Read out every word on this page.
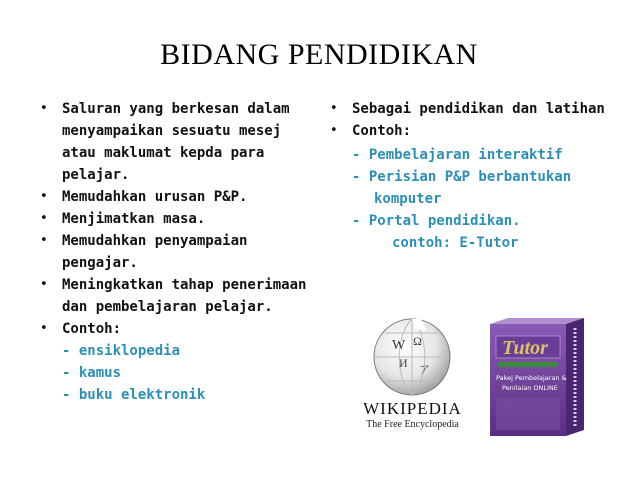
BIDANG PENDIDIKAN
• Saluran yang berkesan dalam menyampaikan sesuatu mesej atau maklumat kepda para pelajar.
• Memudahkan urusan P&P.
• Menjimatkan masa.
• Memudahkan penyampaian pengajar.
• Meningkatkan tahap penerimaan dan pembelajaran pelajar.
• Contoh:
- ensiklopedia
- kamus
- buku elektronik
• Sebagai pendidikan dan latihan
• Contoh:
- Pembelajaran interaktif
- Perisian P&P berbantukan
komputer
- Portal pendidikan.
contoh: E-Tutor
W Ω
И ア
WIKIPEDIA
The Free Encyclopedia
Tutor
Pakej Pembelajaran &
Penilaian ONLINE
